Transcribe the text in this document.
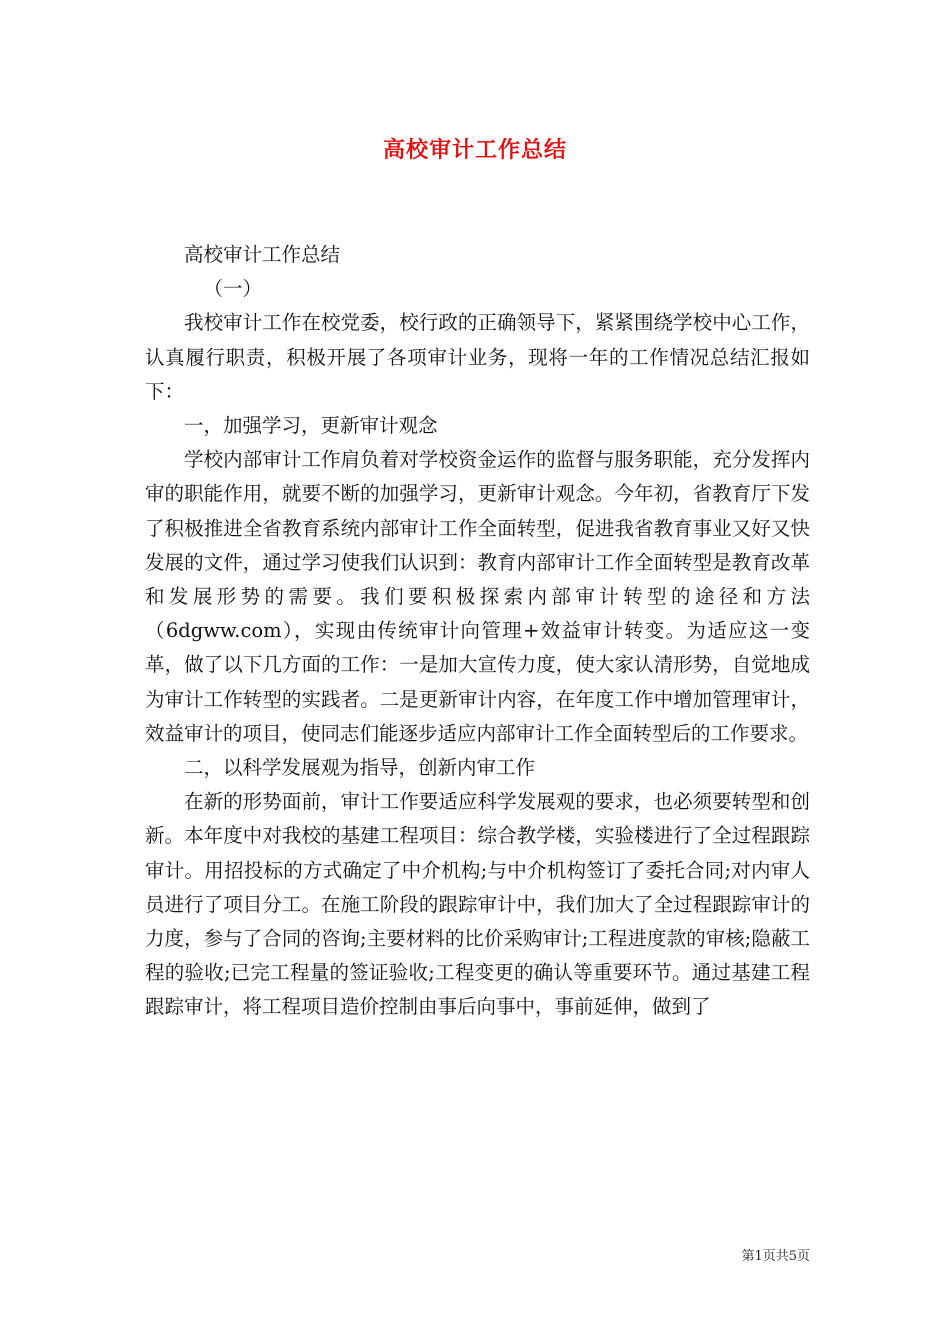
高校审计工作总结

高校审计工作总结

（一）

我校审计工作在校党委，校行政的正确领导下，紧紧围绕学校中心工作，认真履行职责，积极开展了各项审计业务，现将一年的工作情况总结汇报如下：

一，加强学习，更新审计观念

学校内部审计工作肩负着对学校资金运作的监督与服务职能，充分发挥内审的职能作用，就要不断的加强学习，更新审计观念。今年初，省教育厅下发了积极推进全省教育系统内部审计工作全面转型，促进我省教育事业又好又快发展的文件，通过学习使我们认识到：教育内部审计工作全面转型是教育改革和发展形势的需要。我们要积极探索内部审计转型的途径和方法（6dgww.com），实现由传统审计向管理+效益审计转变。为适应这一变革，做了以下几方面的工作：一是加大宣传力度，使大家认清形势，自觉地成为审计工作转型的实践者。二是更新审计内容，在年度工作中增加管理审计，效益审计的项目，使同志们能逐步适应内部审计工作全面转型后的工作要求。

二，以科学发展观为指导，创新内审工作

在新的形势面前，审计工作要适应科学发展观的要求，也必须要转型和创新。本年度中对我校的基建工程项目：综合教学楼，实验楼进行了全过程跟踪审计。用招投标的方式确定了中介机构;与中介机构签订了委托合同;对内审人员进行了项目分工。在施工阶段的跟踪审计中，我们加大了全过程跟踪审计的力度，参与了合同的咨询;主要材料的比价采购审计;工程进度款的审核;隐蔽工程的验收;已完工程量的签证验收;工程变更的确认等重要环节。通过基建工程跟踪审计，将工程项目造价控制由事后向事中，事前延伸，做到了

第1页共5页
